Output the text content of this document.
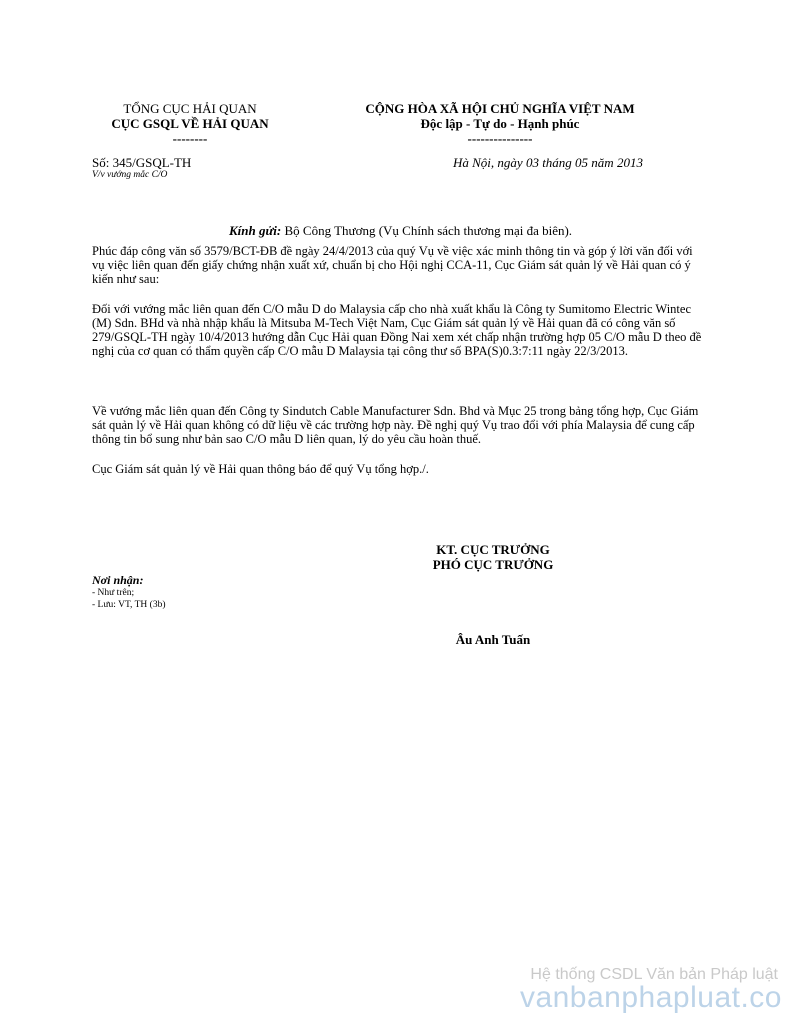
TỔNG CỤC HẢI QUAN
CỤC GSQL VỀ HẢI QUAN
--------
CỘNG HÒA XÃ HỘI CHỦ NGHĨA VIỆT NAM
Độc lập - Tự do - Hạnh phúc
---------------
Số: 345/GSQL-TH
V/v vướng mắc C/O
Hà Nội, ngày 03 tháng 05 năm 2013
Kính gửi: Bộ Công Thương (Vụ Chính sách thương mại đa biên).
Phúc đáp công văn số 3579/BCT-ĐB đề ngày 24/4/2013 của quý Vụ về việc xác minh thông tin và góp ý lời văn đối với vụ việc liên quan đến giấy chứng nhận xuất xứ, chuẩn bị cho Hội nghị CCA-11, Cục Giám sát quản lý về Hải quan có ý kiến như sau:
Đối với vướng mắc liên quan đến C/O mẫu D do Malaysia cấp cho nhà xuất khẩu là Công ty Sumitomo Electric Wintec (M) Sdn. BHd và nhà nhập khẩu là Mitsuba M-Tech Việt Nam, Cục Giám sát quản lý về Hải quan đã có công văn số 279/GSQL-TH ngày 10/4/2013 hướng dẫn Cục Hải quan Đồng Nai xem xét chấp nhận trường hợp 05 C/O mẫu D theo đề nghị của cơ quan có thẩm quyền cấp C/O mẫu D Malaysia tại công thư số BPA(S)0.3:7:11 ngày 22/3/2013.
Về vướng mắc liên quan đến Công ty Sindutch Cable Manufacturer Sdn. Bhd và Mục 25 trong bảng tổng hợp, Cục Giám sát quản lý về Hải quan không có dữ liệu về các trường hợp này. Đề nghị quý Vụ trao đổi với phía Malaysia để cung cấp thông tin bổ sung như bản sao C/O mẫu D liên quan, lý do yêu cầu hoàn thuế.
Cục Giám sát quản lý về Hải quan thông báo để quý Vụ tổng hợp./.
KT. CỤC TRƯỞNG
PHÓ CỤC TRƯỞNG
Âu Anh Tuấn
Nơi nhận:
- Như trên;
- Lưu: VT, TH (3b)
Hệ thống CSDL Văn bản Pháp luật
vanbanphapluat.co
